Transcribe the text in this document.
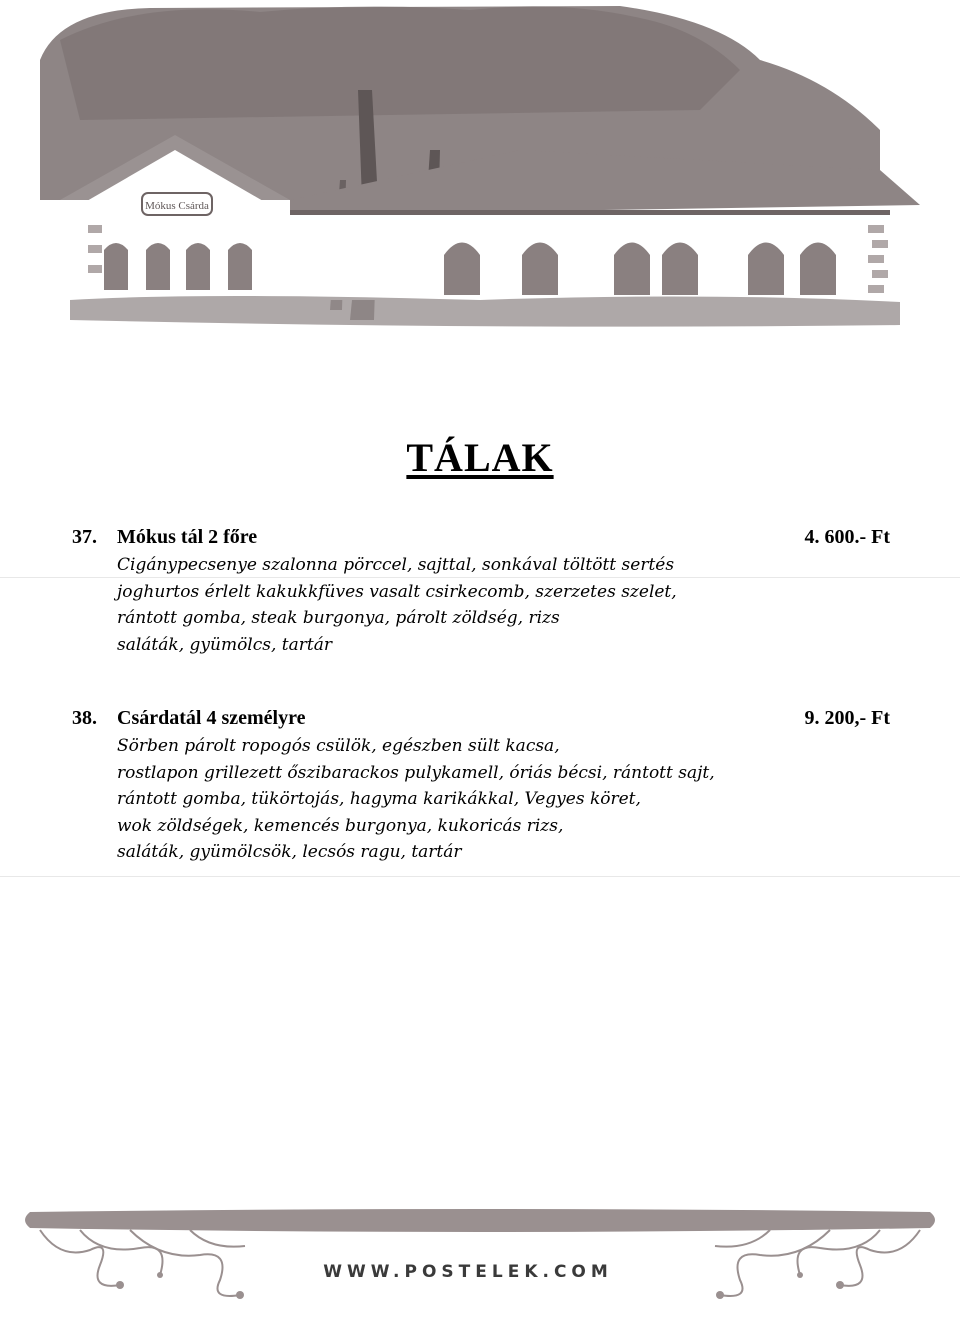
Mókus Csárda
TÁLAK
37. Mókus tál 2 főre	4. 600.- Ft
Cigánypecsenye szalonna pörccel, sajttal, sonkával töltött sertés
joghurtos érlelt kakukkfüves vasalt csirkecomb, szerzetes szelet,
rántott gomba, steak burgonya, párolt zöldség, rizs
saláták, gyümölcs, tartár
38. Csárdatál 4 személyre	9. 200,- Ft
Sörben párolt ropogós csülök, egészben sült kacsa,
rostlapon grillezett őszibarackos pulykamell, óriás bécsi, rántott sajt,
rántott gomba, tükörtojás, hagyma karikákkal, Vegyes köret,
wok zöldségek, kemencés burgonya, kukoricás rizs,
saláták, gyümölcsök, lecsós ragu, tartár
WWW.POSTELEK.COM
